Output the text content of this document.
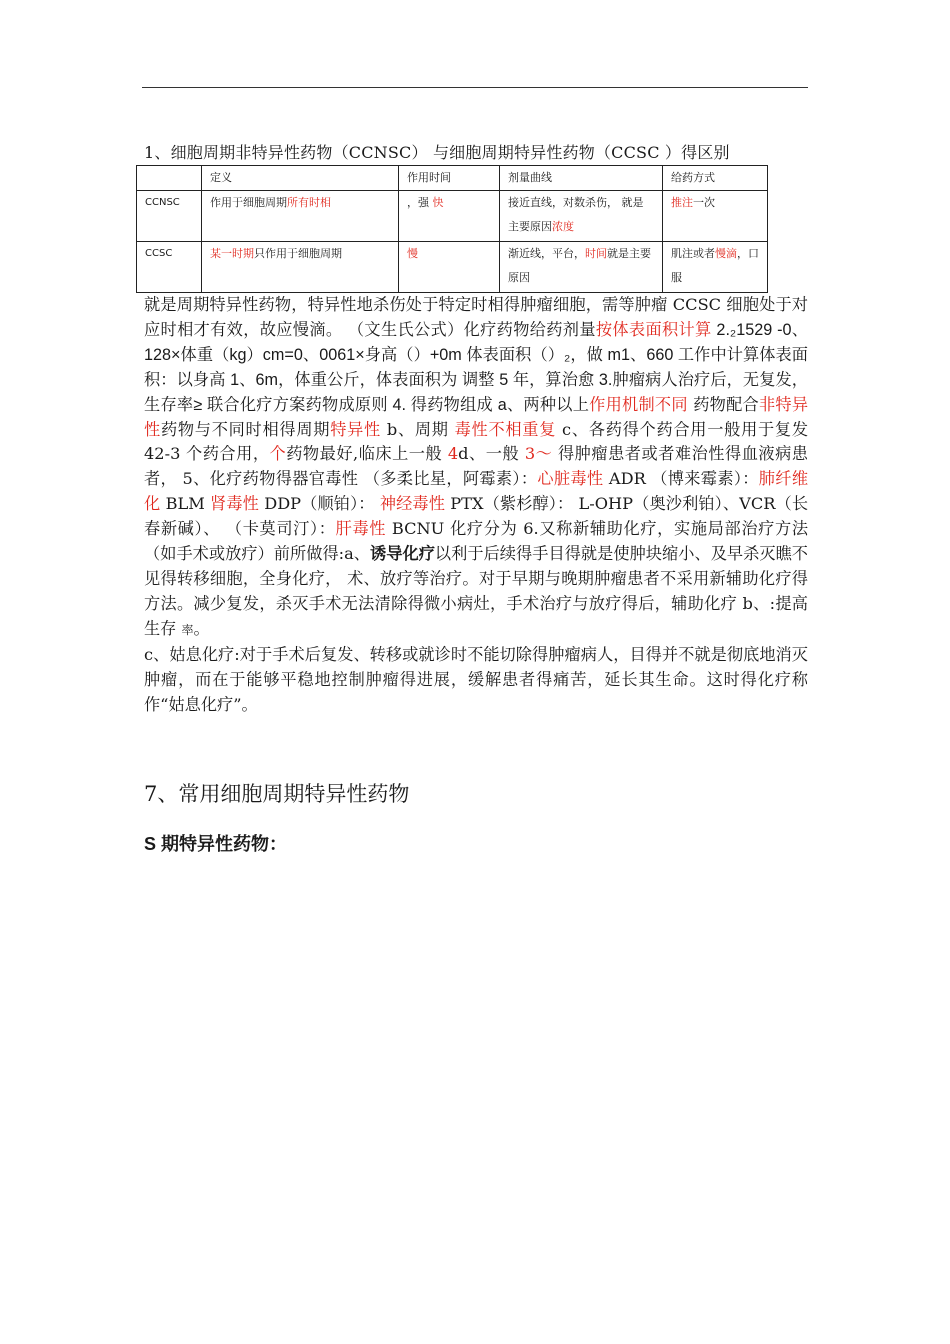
1、细胞周期非特异性药物（CCNSC） 与细胞周期特异性药物（CCSC ）得区别
	定义	作用时间	剂量曲线	给药方式
CCNSC	作用于细胞周期所有时相	，强 快	接近直线，对数杀伤， 就是主要原因浓度	推注一次
CCSC	某一时期只作用于细胞周期	慢	渐近线，平台，时间就是主要原因	肌注或者慢滴，口服
就是周期特异性药物，特异性地杀伤处于特定时相得肿瘤细胞，需等肿瘤 CCSC 细胞处于对应时相才有效，故应慢滴。 （文生氏公式）化疗药物给药剂量按体表面积计算 2.₂1529 -0、128×体重（kg）cm=0、0061×身高（）+0m 体表面积（）₂，做 m1、660 工作中计算体表面积：以身高 1、6m，体重公斤，体表面积为 调整 5 年，算治愈 3.肿瘤病人治疗后，无复发，生存率≥ 联合化疗方案药物成原则 4. 得药物组成 a、两种以上作用机制不同 药物配合非特异性药物与不同时相得周期特异性 b、周期 毒性不相重复 c、各药得个药合用一般用于复发 42-3 个药合用，个药物最好,临床上一般 4d、一般 3～ 得肿瘤患者或者难治性得血液病患者， 5、化疗药物得器官毒性 （多柔比星，阿霉素）：心脏毒性 ADR （博来霉素）：肺纤维化 BLM 肾毒性 DDP（顺铂）： 神经毒性 PTX（紫杉醇）： L-OHP（奥沙利铂）、VCR（长春新碱）、 （卡莫司汀）：肝毒性 BCNU 化疗分为 6.又称新辅助化疗，实施局部治疗方法（如手术或放疗）前所做得:a、诱导化疗以利于后续得手目得就是使肿块缩小、及早杀灭瞧不见得转移细胞，全身化疗， 术、放疗等治疗。对于早期与晚期肿瘤患者不采用新辅助化疗得方法。减少复发，杀灭手术无法清除得微小病灶，手术治疗与放疗得后，辅助化疗 b、:提高生存 率。
c、姑息化疗:对于手术后复发、转移或就诊时不能切除得肿瘤病人，目得并不就是彻底地消灭肿瘤，而在于能够平稳地控制肿瘤得进展，缓解患者得痛苦，延长其生命。这时得化疗称作“姑息化疗”。
7、常用细胞周期特异性药物
S 期特异性药物：
